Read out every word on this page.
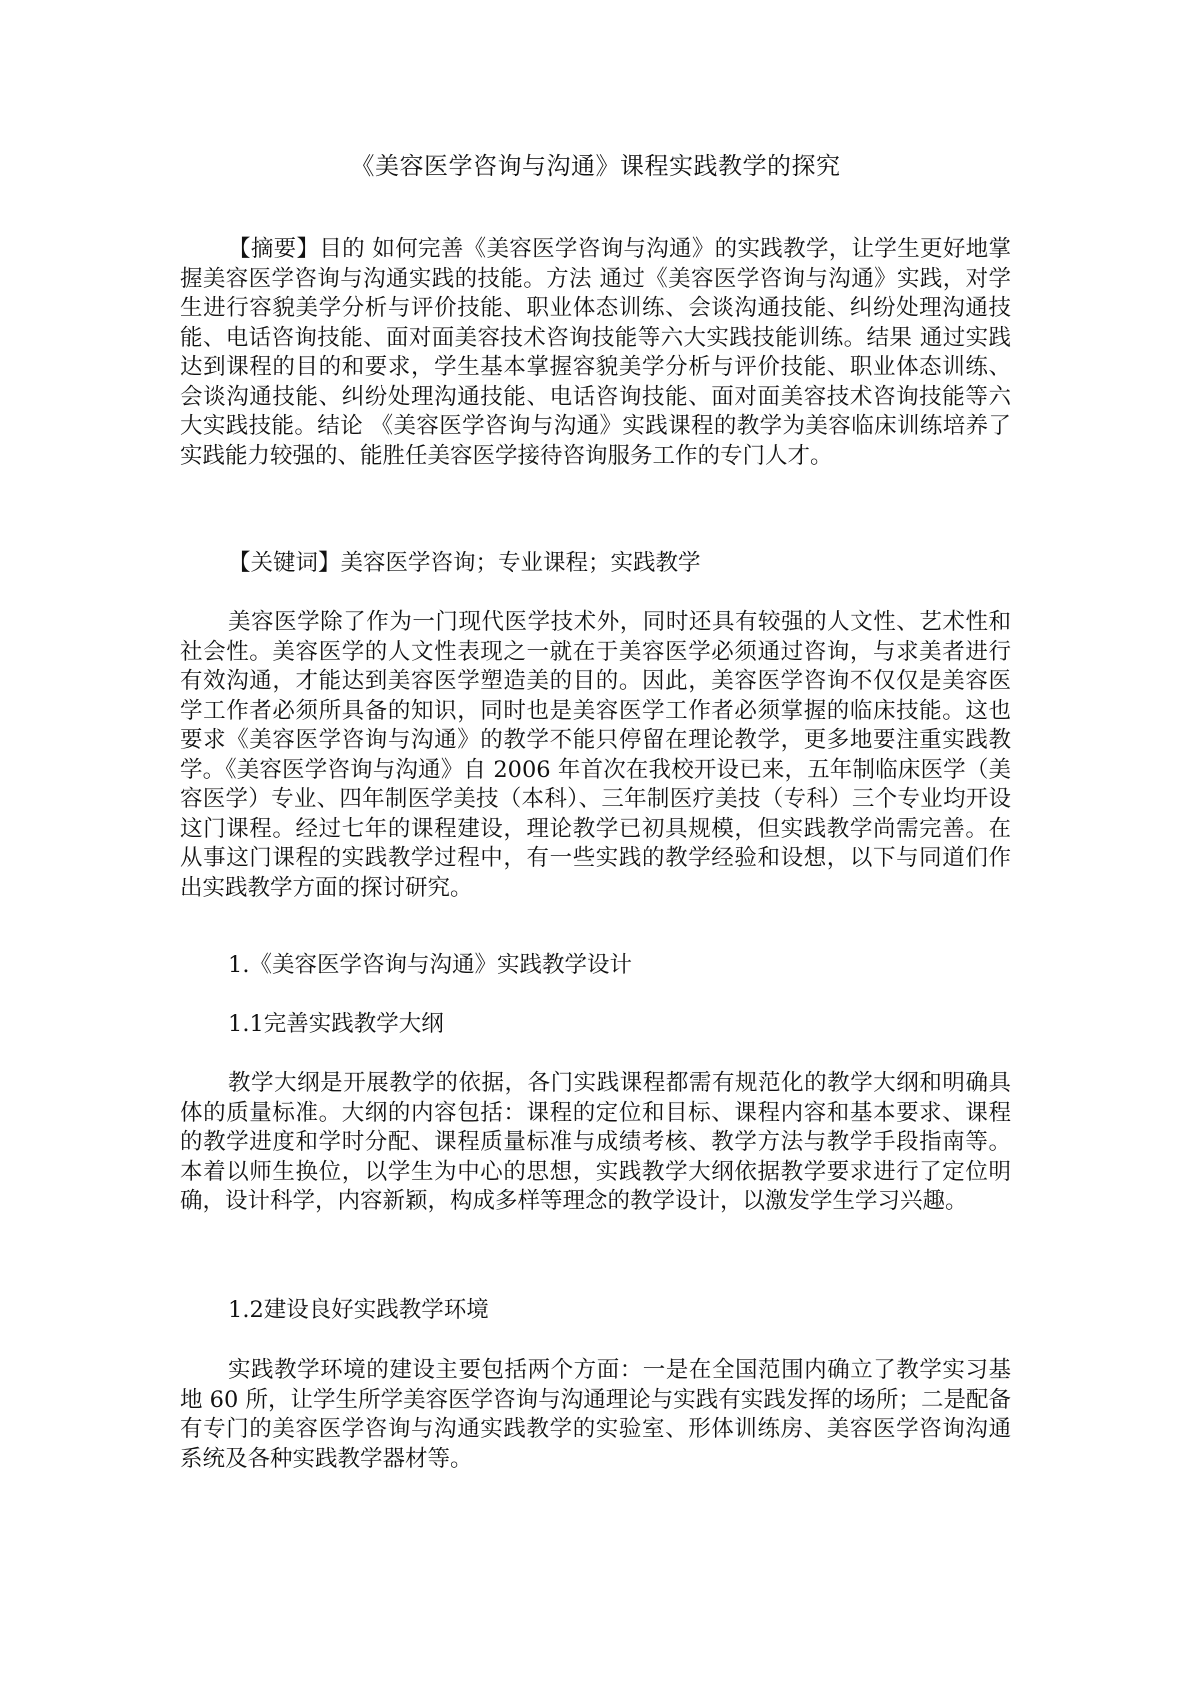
《美容医学咨询与沟通》课程实践教学的探究

【摘要】目的 如何完善《美容医学咨询与沟通》的实践教学，让学生更好地掌握美容医学咨询与沟通实践的技能。方法 通过《美容医学咨询与沟通》实践，对学生进行容貌美学分析与评价技能、职业体态训练、会谈沟通技能、纠纷处理沟通技能、电话咨询技能、面对面美容技术咨询技能等六大实践技能训练。结果 通过实践达到课程的目的和要求，学生基本掌握容貌美学分析与评价技能、职业体态训练、会谈沟通技能、纠纷处理沟通技能、电话咨询技能、面对面美容技术咨询技能等六大实践技能。结论 《美容医学咨询与沟通》实践课程的教学为美容临床训练培养了实践能力较强的、能胜任美容医学接待咨询服务工作的专门人才。

【关键词】美容医学咨询；专业课程；实践教学

美容医学除了作为一门现代医学技术外，同时还具有较强的人文性、艺术性和社会性。美容医学的人文性表现之一就在于美容医学必须通过咨询，与求美者进行有效沟通，才能达到美容医学塑造美的目的。因此，美容医学咨询不仅仅是美容医学工作者必须所具备的知识，同时也是美容医学工作者必须掌握的临床技能。这也要求《美容医学咨询与沟通》的教学不能只停留在理论教学，更多地要注重实践教学。《美容医学咨询与沟通》自 2006 年首次在我校开设已来，五年制临床医学（美容医学）专业、四年制医学美技（本科）、三年制医疗美技（专科）三个专业均开设这门课程。经过七年的课程建设，理论教学已初具规模，但实践教学尚需完善。在从事这门课程的实践教学过程中，有一些实践的教学经验和设想，以下与同道们作出实践教学方面的探讨研究。

1.《美容医学咨询与沟通》实践教学设计

1.1完善实践教学大纲

教学大纲是开展教学的依据，各门实践课程都需有规范化的教学大纲和明确具体的质量标准。大纲的内容包括：课程的定位和目标、课程内容和基本要求、课程的教学进度和学时分配、课程质量标准与成绩考核、教学方法与教学手段指南等。本着以师生换位，以学生为中心的思想，实践教学大纲依据教学要求进行了定位明确，设计科学，内容新颖，构成多样等理念的教学设计，以激发学生学习兴趣。

1.2建设良好实践教学环境

实践教学环境的建设主要包括两个方面：一是在全国范围内确立了教学实习基地 60 所，让学生所学美容医学咨询与沟通理论与实践有实践发挥的场所；二是配备有专门的美容医学咨询与沟通实践教学的实验室、形体训练房、美容医学咨询沟通系统及各种实践教学器材等。
